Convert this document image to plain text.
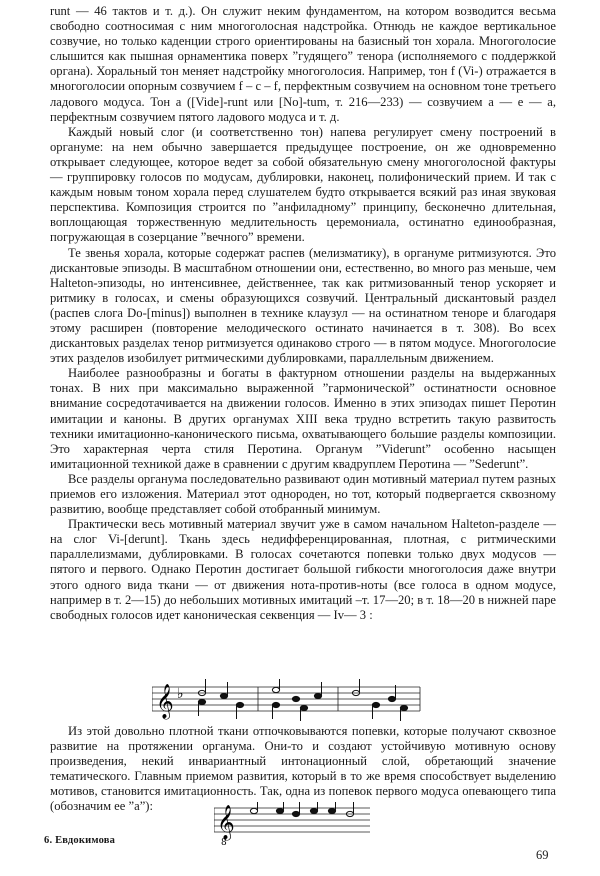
runt — 46 тактов и т. д.). Он служит неким фундаментом, на котором возводится весьма свободно соотносимая с ним многоголосная надстройка. Отнюдь не каждое вертикальное созвучие, но только каденции строго ориентированы на базисный тон хорала. Многоголосие слышится как пышная орнаментика поверх ”гудящего” тенора (исполняемого с поддержкой органа). Хоральный тон меняет надстройку многоголосия. Например, тон f (Vi-) отражается в многоголосии опорным созвучием f – c – f, перфектным созвучием на основном тоне третьего ладового модуса. Тон a ([Vide]-runt или [No]-tum, т. 216—233) — созвучием a — e — a, перфектным созвучием пятого ладового модуса и т. д.

Каждый новый слог (и соответственно тон) напева регулирует смену построений в органуме: на нем обычно завершается предыдущее построение, он же одновременно открывает следующее, которое ведет за собой обязательную смену многоголосной фактуры — группировку голосов по модусам, дублировки, наконец, полифонический прием. И так с каждым новым тоном хорала перед слушателем будто открывается всякий раз иная звуковая перспектива. Композиция строится по ”анфиладному” принципу, бесконечно длительная, воплощающая торжественную медлительность церемониала, остинатно единообразная, погружающая в созерцание ”вечного” времени.

Те звенья хорала, которые содержат распев (мелизматику), в органуме ритмизуются. Это дискантовые эпизоды. В масштабном отношении они, естественно, во много раз меньше, чем Halteton-эпизоды, но интенсивнее, действеннее, так как ритмизованный тенор ускоряет и ритмику в голосах, и смены образующихся созвучий. Центральный дискантовый раздел (распев слога Do-[minus]) выполнен в технике клаузул — на остинатном теноре и благодаря этому расширен (повторение мелодического остинато начинается в т. 308). Во всех дискантовых разделах тенор ритмизуется одинаково строго — в пятом модусе. Многоголосие этих разделов изобилует ритмическими дублировками, параллельным движением.

Наиболее разнообразны и богаты в фактурном отношении разделы на выдержанных тонах. В них при максимально выраженной ”гармонической” остинатности основное внимание сосредотачивается на движении голосов. Именно в этих эпизодах пишет Перотин имитации и каноны. В других органумах XIII века трудно встретить такую развитость техники имитационно-канонического письма, охватывающего большие разделы композиции. Это характерная черта стиля Перотина. Органум ”Viderunt” особенно насыщен имитационной техникой даже в сравнении с другим квадруплем Перотина — ”Sederunt”.

Все разделы органума последовательно развивают один мотивный материал путем разных приемов его изложения. Материал этот однороден, но тот, который подвергается сквозному развитию, вообще представляет собой отобранный минимум.

Практически весь мотивный материал звучит уже в самом начальном Halteton-разделе — на слог Vi-[derunt]. Ткань здесь недифференцированная, плотная, с ритмическими параллелизмами, дублировками. В голосах сочетаются попевки только двух модусов — пятого и первого. Однако Перотин достигает большой гибкости многоголосия даже внутри этого одного вида ткани — от движения нота-против-ноты (все голоса в одном модусе, например в т. 2—15) до небольших мотивных имитаций –т. 17—20; в т. 18—20 в нижней паре свободных голосов идет каноническая секвенция — Iv— 3 :

𝄞 ♭

Из этой довольно плотной ткани отпочковываются попевки, которые получают сквозное развитие на протяжении органума. Они-то и создают устойчивую мотивную основу произведения, некий инвариантный интонационный слой, обретающий значение тематического. Главным приемом развития, который в то же время способствует выделению мотивов, становится имитационность. Так, одна из попевок первого модуса опевающего типа (обозначим ее ”a”):	𝄞
8
6. Евдокимова
69
